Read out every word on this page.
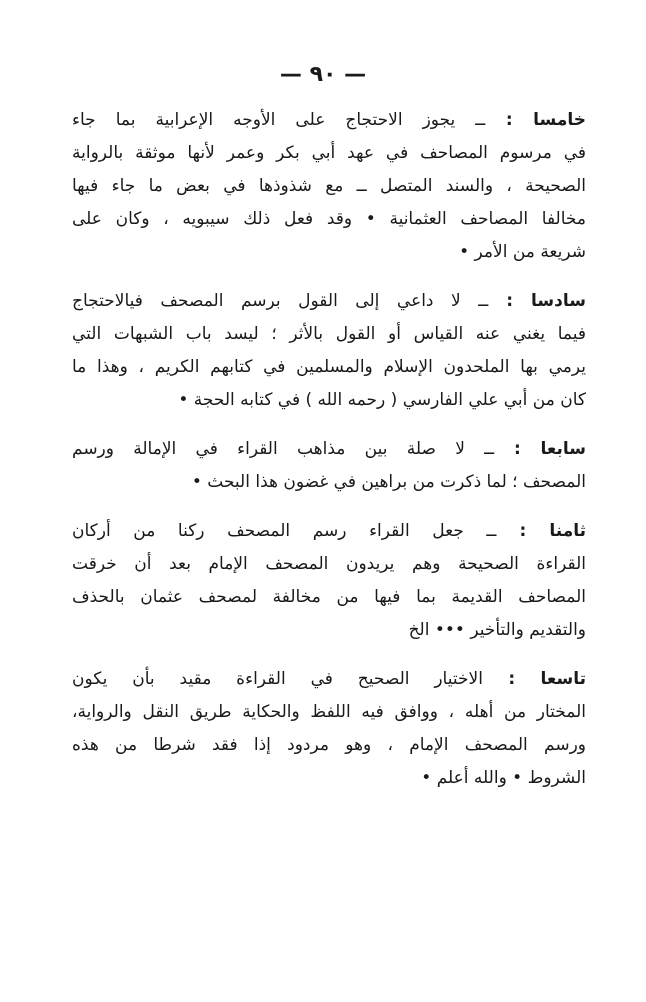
— ٩٠ —
خامسا :ــ يجوز الاحتجاج على الأوجه الإعرابية بما جاء
في مرسوم المصاحف في عهد أبي بكر وعمر لأنها موثقة بالرواية
الصحيحة ، والسند المتصل ــ مع شذوذها في بعض ما جاء فيها
مخالفا المصاحف العثمانية • وقد فعل ذلك سيبويه ، وكان على
شريعة من الأمر •
سادسا :ــ لا داعي إلى القول برسم المصحف فيالاحتجاج
فيما يغني عنه القياس أو القول بالأثر ؛ ليسد باب الشبهات التي
يرمي بها الملحدون الإسلام والمسلمين في كتابهم الكريم ، وهذا ما
كان من أبي علي الفارسي ( رحمه الله ) في كتابه الحجة •
سابعا :ــ لا صلة بين مذاهب القراء في الإمالة ورسم
المصحف ؛ لما ذكرت من براهين في غضون هذا البحث •
ثامنا :ــ جعل القراء رسم المصحف ركنا من أركان
القراءة الصحيحة وهم يريدون المصحف الإمام بعد أن خرقت
المصاحف القديمة بما فيها من مخالفة لمصحف عثمان بالحذف
والتقديم والتأخير ••• الخ
تاسعا :الاختيار الصحيح في القراءة مقيد بأن يكون
المختار من أهله ، ووافق فيه اللفظ والحكاية طريق النقل والرواية،
ورسم المصحف الإمام ، وهو مردود إذا فقد شرطا من هذه
الشروط • والله أعلم •
